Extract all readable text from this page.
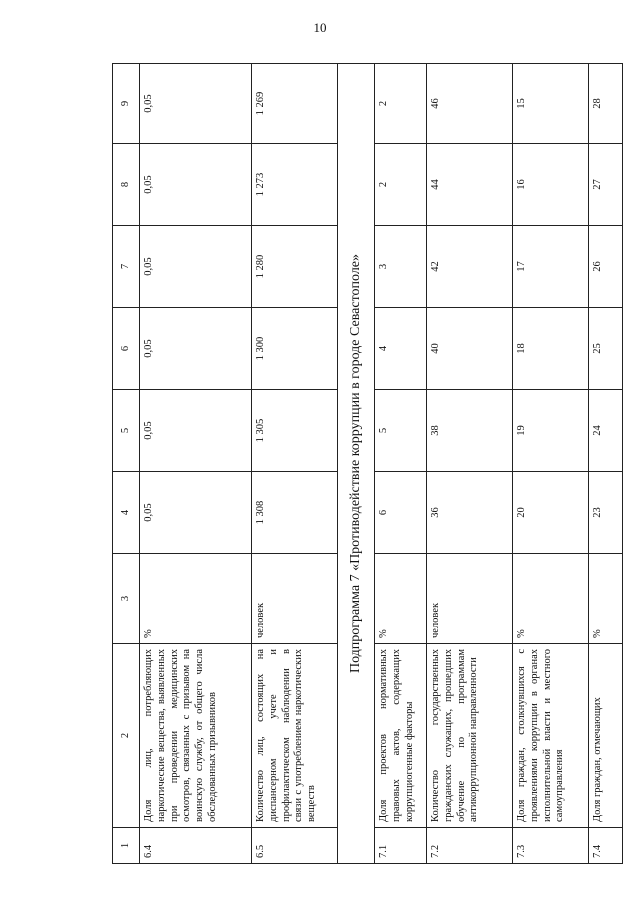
10
1	2	3	4	5	6	7	8	9
6.4	Доля лиц, потребляющих наркотические вещества, выявленных при проведении медицинских осмотров, связанных с призывом на воинскую службу, от общего числа обследованных призывников	%	0,05	0,05	0,05	0,05	0,05	0,05
6.5	Количество лиц, состоящих на диспансерном учете и профилактическом наблюдении в связи с употреблением наркотических веществ	человек	1 308	1 305	1 300	1 280	1 273	1 269
Подпрограмма 7 «Противодействие коррупции в городе Севастополе»								
7.1	Доля проектов нормативных правовых актов, содержащих коррупциогенные факторы	%	6	5	4	3	2	2
7.2	Количество государственных гражданских служащих, прошедших обучение по программам антикоррупционной направленности	человек	36	38	40	42	44	46
7.3	Доля граждан, столкнувшихся с проявлениями коррупции в органах исполнительной власти и местного самоуправления	%	20	19	18	17	16	15
7.4	Доля граждан, отмечающих	%	23	24	25	26	27	28
